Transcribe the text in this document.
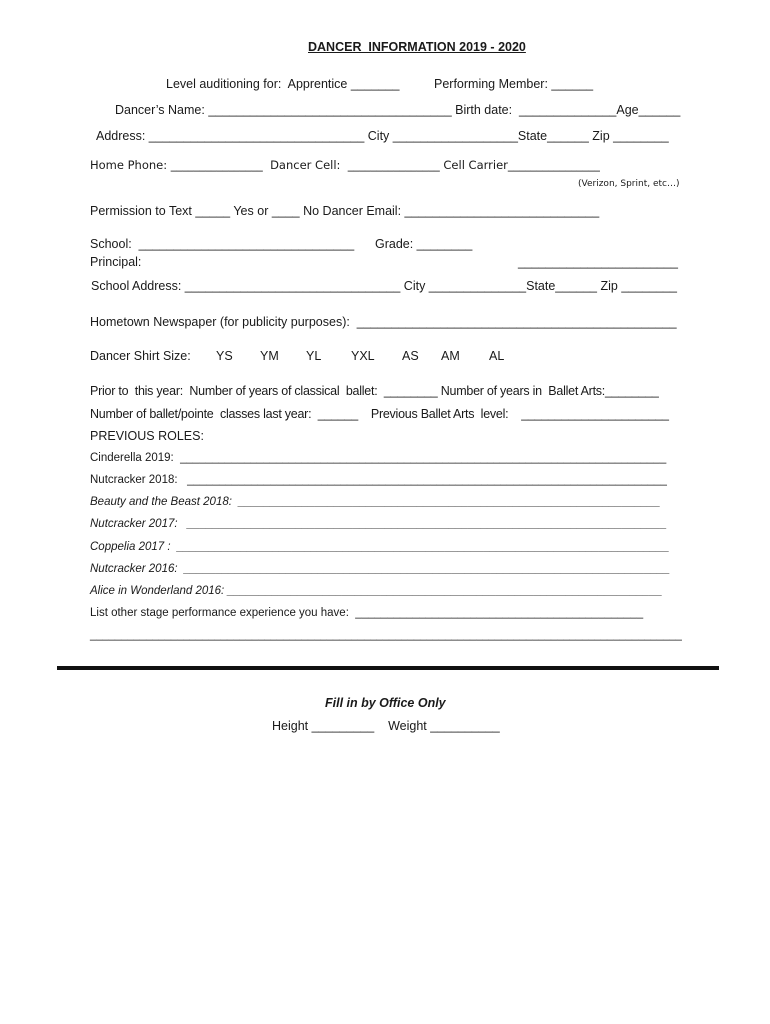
DANCER  INFORMATION 2019 - 2020
Level auditioning for:  Apprentice _______	Performing Member: ______
Dancer’s Name: ___________________________________ Birth date:  ______________Age______
Address: _______________________________ City __________________State______ Zip ________
Home Phone: ________________  Dancer Cell:  ________________ Cell Carrier________________
(Verizon, Sprint, etc…)
Permission to Text _____ Yes or ____ No Dancer Email: ____________________________
School:  _______________________________      Grade: ________
Principal:	_______________________
School Address: _______________________________ City ______________State______ Zip ________
Hometown Newspaper (for publicity purposes):  ______________________________________________
Dancer Shirt Size: YS YM YL YXL AS AM AL
Prior to  this year:  Number of years of classical  ballet:  ________ Number of years in  Ballet Arts:________
Number of ballet/pointe  classes last year:  ______    Previous Ballet Arts  level:    ______________________
PREVIOUS ROLES:
Cinderella 2019:  ____________________________________________________________________________
Nutcracker 2018:   ___________________________________________________________________________
Beauty and the Beast 2018:  __________________________________________________________________
Nutcracker 2017:   ___________________________________________________________________________
Coppelia 2017 :  _____________________________________________________________________________
Nutcracker 2016:  ____________________________________________________________________________
Alice in Wonderland 2016: ____________________________________________________________________
List other stage performance experience you have:  _____________________________________________
_______________________________________________________________________________________________
Fill in by Office Only
Height _________    Weight __________
